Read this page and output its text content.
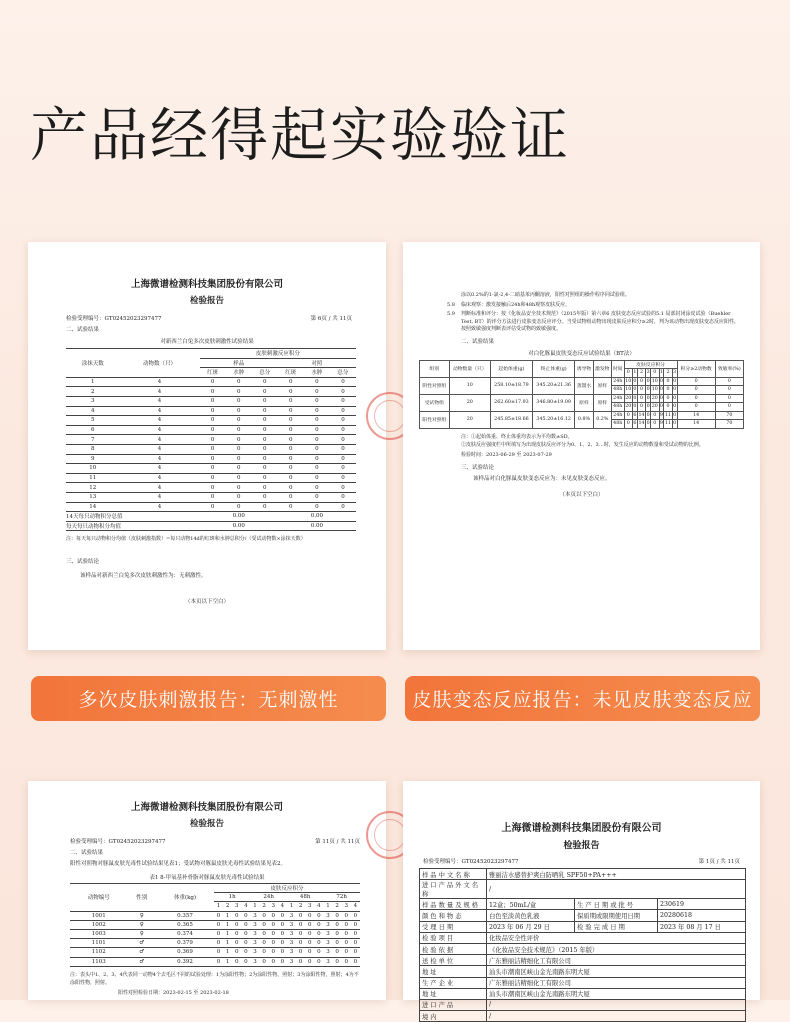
产品经得起实验验证
上海微谱检测科技集团股份有限公司
检验报告
检验受理编号：GT02452023297477	第 6页 / 共 11页
二、试验结果
对新西兰白兔多次皮肤刺激性试验结果
涂抹天数	动物数（只）	皮肤刺激反应积分					
		样品			对照		
		红斑	水肿	总分	红斑	水肿	总分
1	4	0	0	0	0	0	0
2	4	0	0	0	0	0	0
3	4	0	0	0	0	0	0
4	4	0	0	0	0	0	0
5	4	0	0	0	0	0	0
6	4	0	0	0	0	0	0
7	4	0	0	0	0	0	0
8	4	0	0	0	0	0	0
9	4	0	0	0	0	0	0
10	4	0	0	0	0	0	0
11	4	0	0	0	0	0	0
12	4	0	0	0	0	0	0
13	4	0	0	0	0	0	0
14	4	0	0	0	0	0	0
14天每只动物积分总值		0.00			0.00		
每天每只动物积分均值		0.00			0.00		
注：每天每只动物积分均值（皮肤刺激指数）=每只动物14d的红斑和水肿总积分/（受试动物数×涂抹天数）
三、试验结论
该样品对新西兰白兔多次皮肤刺激性为：无刺激性。
（本页以下空白）
涂以0.2%的1-氯-2,4-二硝基苯丙酮溶液，阳性对照组的操作程序同试验组。
5.8 临床观察：激发接触后24h和48h观察皮肤反应。
5.9 判断标准和评分：按《化妆品安全技术规范》（2015年版）第六章6 皮肤变态反应试验的5.1 局部封闭涂皮试验（Buehler Test, BT）的评分方法进行皮肤变态反应评分。当受试物组动物出现皮肤反应积分≥2时，判为该动物出现皮肤变态反应阳性，按照致敏强度判断表评估受试物的致敏强度。
二、试验结果
对白化豚鼠皮肤变态反应试验结果（BT法）
组别	动物数量（只）	起始体重(g)	终止体重(g)	诱导物	激发物	时间	皮肤反应积分								积分≥2动物数	致敏率(%)
							0	1	2	3	0	1	2	3		
阴性对照组	10	258.10±18.79	345.20±21.36	蒸馏水	原样	24h	10	0	0	0	10	0	0	0	0	0
						48h	10	0	0	0	10	0	0	0	0	0
受试物组	20	262.60±17.93	346.80±19.09	原样	原样	24h	20	0	0	0	20	0	0	0	0	0
						48h	20	0	0	0	20	0	0	0	0	0
阳性对照组	20	245.85±18.66	345.20±16.12	0.8%	0.2%	24h	0	6	14	0	0	9	11	0	14	70
						48h	0	6	14	0	0	9	11	0	14	70
注：①起始体重、终止体重均表示为平均数±SD。
②皮肤反应强度栏中所填写为出现皮肤反应评分为0、1、2、3…时，发生反应的动物数量和受试动物的比例。
检验时间：2023-06-29 至 2023-07-29
三、试验结论
该样品对白化豚鼠皮肤变态反应为：未见皮肤变态反应。
（本页以下空白）
多次皮肤刺激报告：无刺激性	皮肤变态反应报告：未见皮肤变态反应
上海微谱检测科技集团股份有限公司
检验报告
检验受理编号：GT02452023297477	第 11页 / 共 11页
二、试验结果
阳性对照物对豚鼠皮肤光毒性试验结果见表1；受试物对豚鼠皮肤光毒性试验结果见表2。
表1 8-甲氧基补骨脂对豚鼠皮肤光毒性试验结果
动物编号	性别	体重(kg)	皮肤反应积分															
			1h				24h				48h				72h			
			1	2	3	4	1	2	3	4	1	2	3	4	1	2	3	4
1001	♀	0.357	0	1	0	0	3	0	0	0	3	0	0	0	3	0	0	0
1002	♀	0.365	0	1	0	0	3	0	0	0	3	0	0	0	3	0	0	0
1003	♀	0.374	0	1	0	0	3	0	0	0	3	0	0	0	3	0	0	0
1101	♂	0.379	0	1	0	0	3	0	0	0	3	0	0	0	3	0	0	0
1102	♂	0.369	0	1	0	0	3	0	0	0	3	0	0	0	3	0	0	0
1103	♂	0.392	0	1	0	0	3	0	0	0	3	0	0	0	3	0	0	0
注：表头中1、2、3、4代表同一动物4个去毛区不同的试验处理：1为涂阳性物；2为涂阳性物，照射；3为涂阳性物，照射；4为不涂阳性物，照射。
阳性对照检验日期：2023-02-15 至 2023-02-18
上海微谱检测科技集团股份有限公司
检验报告
检验受理编号：GT02452023297477	第 1页 / 共 11页
样 品 中 文 名 称	雅丽洁水感替护爽白防晒乳 SPF50+PA+++		
进 口 产 品 外 文 名 称	/		
样 品 数 量 及 规 格	12盒；50mL/盒	生 产 日 期 或 批 号	230619
颜 色 和 物 态	白色至淡黄色乳液	保质期或限期使用日期	20280618
受 理 日 期	2023 年 06 月 29 日	检 验 完 成 日 期	2023 年 08 月 17 日
检 验 项 目	化妆品安全性评价		
检 验 依 据	《化妆品安全技术规范》（2015 年版）		
送 检 单 位	广东雅丽洁精细化工有限公司		
地 址	汕头市潮南区峡山金光南路东明大厦		
生 产 企 业	广东雅丽洁精细化工有限公司		
地 址	汕头市潮南区峡山金光南路东明大厦		
进 口 产 品	/		
境 内	/		
